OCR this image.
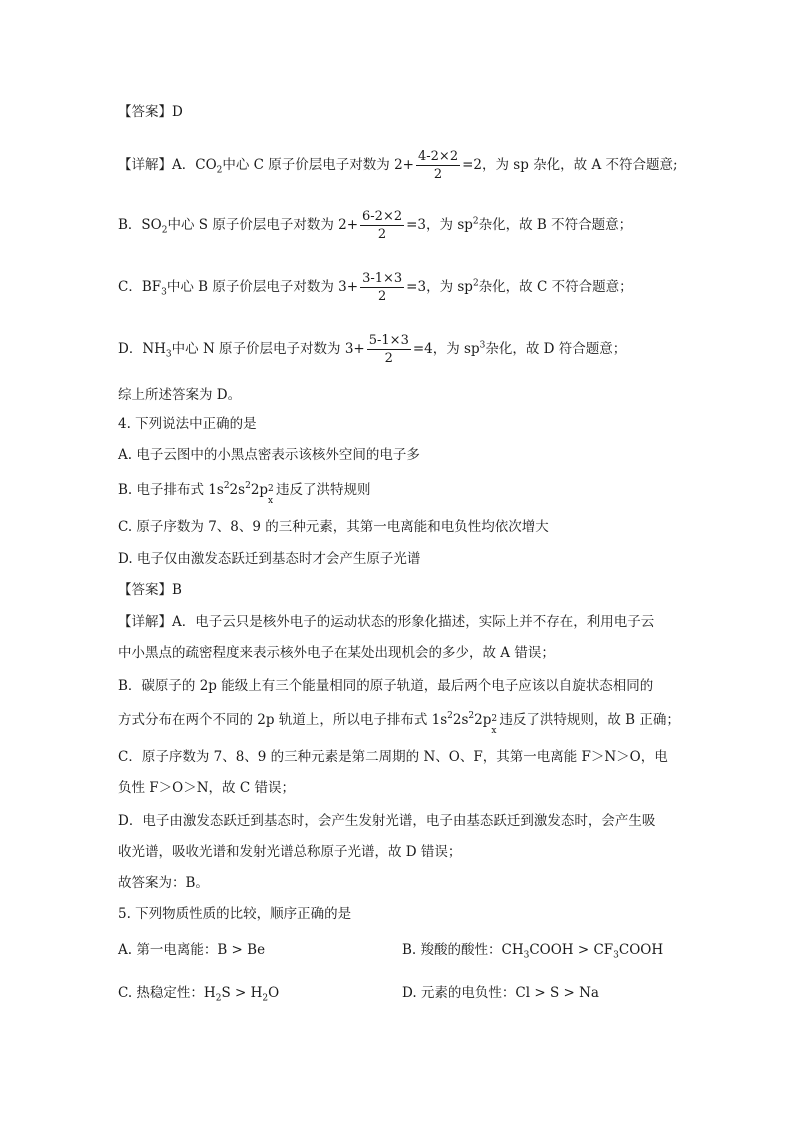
【答案】D
【详解】A．$CO_2$中心 C 原子价层电子对数为 $2+ \frac{4-2\times 2}{2} =2$，为 sp 杂化，故 A 不符合题意;
B．$SO_2$中心 S 原子价层电子对数为 $2+ \frac{6-2\times 2}{2} =3$，为 $sp^2$杂化，故 B 不符合题意；
C．$BF_3$中心 B 原子价层电子对数为 $3+ \frac{3-1\times 3}{2} =3$，为 $sp^2$杂化，故 C 不符合题意；
D．$NH_3$中心 N 原子价层电子对数为 $3+ \frac{5-1\times 3}{2} =4$，为 $sp^3$杂化，故 D 符合题意；
综上所述答案为 D。
4. 下列说法中正确的是
A. 电子云图中的小黑点密表示该核外空间的电子多
B. 电子排布式 $1s^22s^22p$ 2
x
违反了洪特规则
C. 原子序数为 7、8、9 的三种元素，其第一电离能和电负性均依次增大
D. 电子仅由激发态跃迁到基态时才会产生原子光谱
【答案】B
【详解】A．电子云只是核外电子的运动状态的形象化描述，实际上并不存在，利用电子云
中小黑点的疏密程度来表示核外电子在某处出现机会的多少，故 A 错误；
B．碳原子的 2p 能级上有三个能量相同的原子轨道，最后两个电子应该以自旋状态相同的
方式分布在两个不同的 2p 轨道上，所以电子排布式 $1s^22s^22p$ 2
x
违反了洪特规则，故 B 正确；
C．原子序数为 7、8、9 的三种元素是第二周期的 N、O、F，其第一电离能 F＞N＞O，电
负性 F＞O＞N，故 C 错误；
D．电子由激发态跃迁到基态时，会产生发射光谱，电子由基态跃迁到激发态时，会产生吸
收光谱，吸收光谱和发射光谱总称原子光谱，故 D 错误；
故答案为：B。
5. 下列物质性质的比较，顺序正确的是
A. 第一电离能：B > Be	B. 羧酸的酸性：$CH_3COOH$ > $CF_3COOH$
C. 热稳定性：$H_2S > H_2O$	D. 元素的电负性：Cl > S > Na
